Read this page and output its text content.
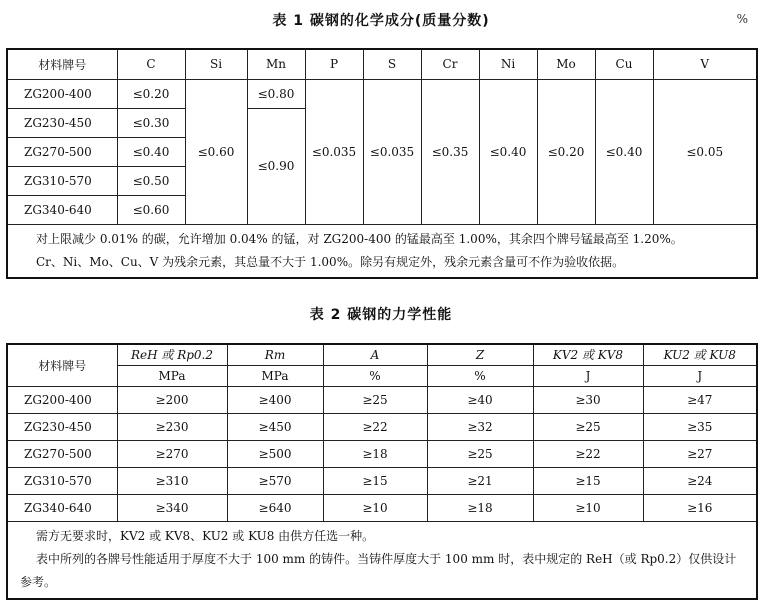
表 1 碳钢的化学成分(质量分数)	%
材料牌号	C	Si	Mn	P	S	Cr	Ni	Mo	Cu	V
ZG200-400	≤0.20	≤0.60	≤0.80	≤0.035	≤0.035	≤0.35	≤0.40	≤0.20	≤0.40	≤0.05
ZG230-450	≤0.30		≤0.90							
ZG270-500	≤0.40									
ZG310-570	≤0.50									
ZG340-640	≤0.60									

对上限减少 0.01% 的碳，允许增加 0.04% 的锰，对 ZG200-400 的锰最高至 1.00%，其余四个牌号锰最高至 1.20%。
Cr、Ni、Mo、Cu、V 为残余元素，其总量不大于 1.00%。除另有规定外，残余元素含量可不作为验收依据。										
表 2 碳钢的力学性能
材料牌号	ReH 或 Rp0.2	Rm	A	Z	KV2 或 KV8	KU2 或 KU8
	MPa	MPa	%	%	J	J
ZG200-400	≥200	≥400	≥25	≥40	≥30	≥47
ZG230-450	≥230	≥450	≥22	≥32	≥25	≥35
ZG270-500	≥270	≥500	≥18	≥25	≥22	≥27
ZG310-570	≥310	≥570	≥15	≥21	≥15	≥24
ZG340-640	≥340	≥640	≥10	≥18	≥10	≥16

需方无要求时，KV2 或 KV8、KU2 或 KU8 由供方任选一种。
表中所列的各牌号性能适用于厚度不大于 100 mm 的铸件。当铸件厚度大于 100 mm 时，表中规定的 ReH（或 Rp0.2）仅供设计参考。						
